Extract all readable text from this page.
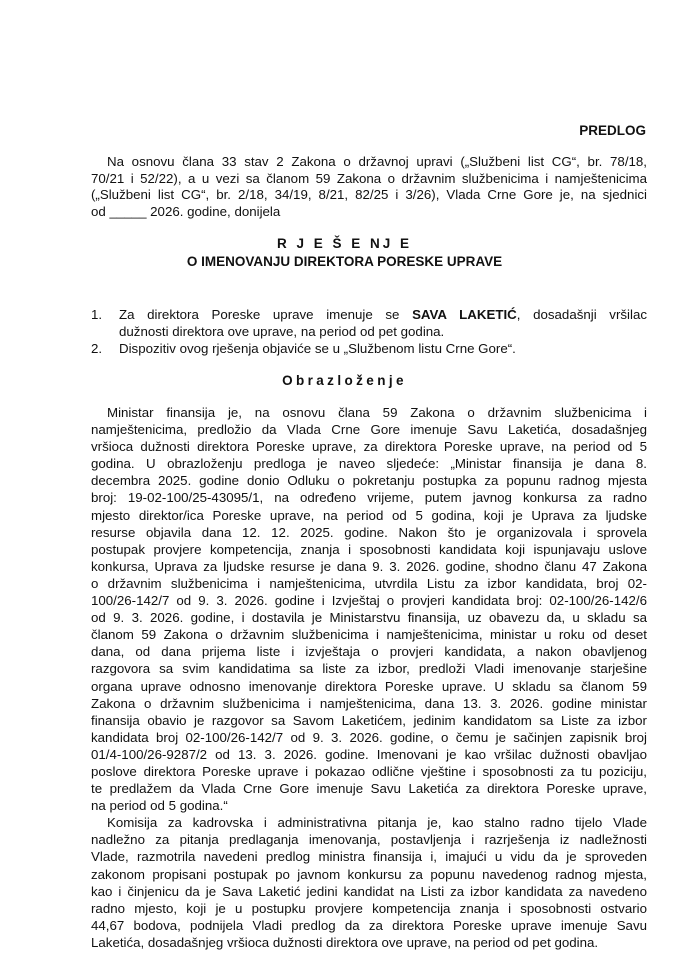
PREDLOG
Na osnovu člana 33 stav 2 Zakona o državnoj upravi („Službeni list CG“, br. 78/18,
70/21 i 52/22), a u vezi sa članom 59 Zakona o državnim službenicima i namještenicima
(„Službeni list CG“, br. 2/18, 34/19, 8/21, 82/25 i 3/26), Vlada Crne Gore je, na sjednici
od _____ 2026. godine, donijela
R J E Š E NJ E
O IMENOVANJU DIREKTORA PORESKE UPRAVE
1. Za direktora Poreske uprave imenuje se SAVA LAKETIĆ, dosadašnji vršilac
dužnosti direktora ove uprave, na period od pet godina.
2. Dispozitiv ovog rješenja objaviće se u „Službenom listu Crne Gore“.
Obrazloženje
Ministar finansija je, na osnovu člana 59 Zakona o državnim službenicima i
namještenicima, predložio da Vlada Crne Gore imenuje Savu Laketića, dosadašnjeg
vršioca dužnosti direktora Poreske uprave, za direktora Poreske uprave, na period od 5
godina. U obrazloženju predloga je naveo sljedeće: „Ministar finansija je dana 8.
decembra 2025. godine donio Odluku o pokretanju postupka za popunu radnog mjesta
broj: 19-02-100/25-43095/1, na određeno vrijeme, putem javnog konkursa za radno
mjesto direktor/ica Poreske uprave, na period od 5 godina, koji je Uprava za ljudske
resurse objavila dana 12. 12. 2025. godine. Nakon što je organizovala i sprovela
postupak provjere kompetencija, znanja i sposobnosti kandidata koji ispunjavaju uslove
konkursa, Uprava za ljudske resurse je dana 9. 3. 2026. godine, shodno članu 47 Zakona
o državnim službenicima i namještenicima, utvrdila Listu za izbor kandidata, broj 02-
100/26-142/7 od 9. 3. 2026. godine i Izvještaj o provjeri kandidata broj: 02-100/26-142/6
od 9. 3. 2026. godine, i dostavila je Ministarstvu finansija, uz obavezu da, u skladu sa
članom 59 Zakona o državnim službenicima i namještenicima, ministar u roku od deset
dana, od dana prijema liste i izvještaja o provjeri kandidata, a nakon obavljenog
razgovora sa svim kandidatima sa liste za izbor, predloži Vladi imenovanje starješine
organa uprave odnosno imenovanje direktora Poreske uprave. U skladu sa članom 59
Zakona o državnim službenicima i namještenicima, dana 13. 3. 2026. godine ministar
finansija obavio je razgovor sa Savom Laketićem, jedinim kandidatom sa Liste za izbor
kandidata broj 02-100/26-142/7 od 9. 3. 2026. godine, o čemu je sačinjen zapisnik broj
01/4-100/26-9287/2 od 13. 3. 2026. godine. Imenovani je kao vršilac dužnosti obavljao
poslove direktora Poreske uprave i pokazao odlične vještine i sposobnosti za tu poziciju,
te predlažem da Vlada Crne Gore imenuje Savu Laketića za direktora Poreske uprave,
na period od 5 godina.“
Komisija za kadrovska i administrativna pitanja je, kao stalno radno tijelo Vlade
nadležno za pitanja predlaganja imenovanja, postavljenja i razrješenja iz nadležnosti
Vlade, razmotrila navedeni predlog ministra finansija i, imajući u vidu da je sproveden
zakonom propisani postupak po javnom konkursu za popunu navedenog radnog mjesta,
kao i činjenicu da je Sava Laketić jedini kandidat na Listi za izbor kandidata za navedeno
radno mjesto, koji je u postupku provjere kompetencija znanja i sposobnosti ostvario
44,67 bodova, podnijela Vladi predlog da za direktora Poreske uprave imenuje Savu
Laketića, dosadašnjeg vršioca dužnosti direktora ove uprave, na period od pet godina.
